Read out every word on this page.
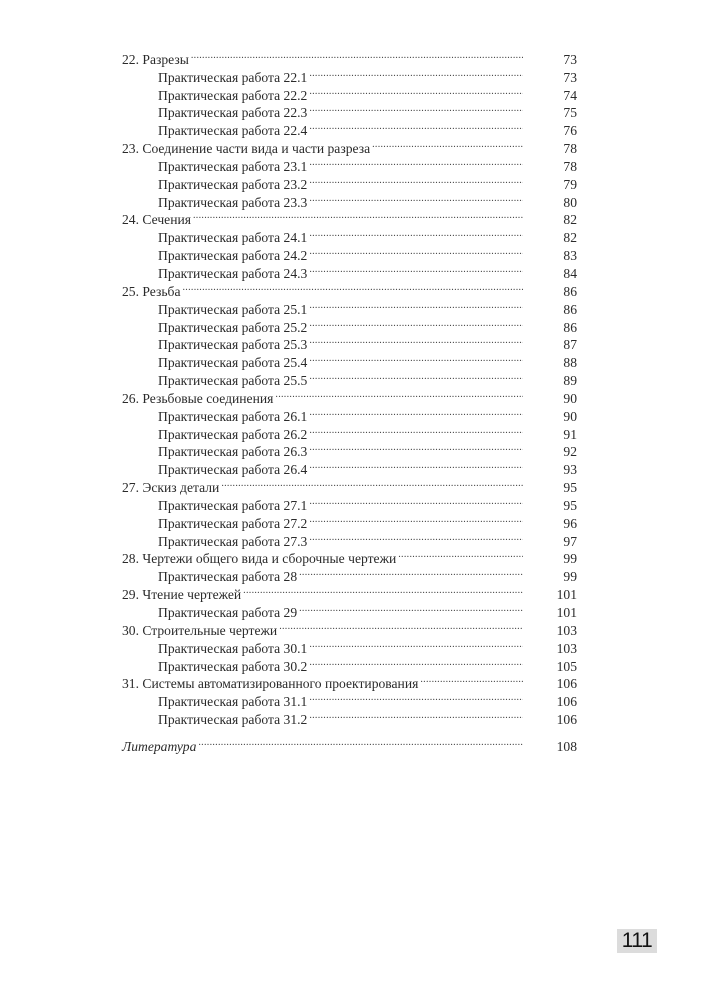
22. Разрезы .....	73
Практическая работа 22.1 .....	73
Практическая работа 22.2 .....	74
Практическая работа 22.3 .....	75
Практическая работа 22.4 .....	76
23. Соединение части вида и части разреза .....	78
Практическая работа 23.1 .....	78
Практическая работа 23.2 .....	79
Практическая работа 23.3 .....	80
24. Сечения .....	82
Практическая работа 24.1 .....	82
Практическая работа 24.2 .....	83
Практическая работа 24.3 .....	84
25. Резьба .....	86
Практическая работа 25.1 .....	86
Практическая работа 25.2 .....	86
Практическая работа 25.3 .....	87
Практическая работа 25.4 .....	88
Практическая работа 25.5 .....	89
26. Резьбовые соединения .....	90
Практическая работа 26.1 .....	90
Практическая работа 26.2 .....	91
Практическая работа 26.3 .....	92
Практическая работа 26.4 .....	93
27. Эскиз детали .....	95
Практическая работа 27.1 .....	95
Практическая работа 27.2 .....	96
Практическая работа 27.3 .....	97
28. Чертежи общего вида и сборочные чертежи .....	99
Практическая работа 28 .....	99
29. Чтение чертежей .....	101
Практическая работа 29 .....	101
30. Строительные чертежи .....	103
Практическая работа 30.1 .....	103
Практическая работа 30.2 .....	105
31. Системы автоматизированного проектирования .....	106
Практическая работа 31.1 .....	106
Практическая работа 31.2 .....	106
Литература .....	108
111
